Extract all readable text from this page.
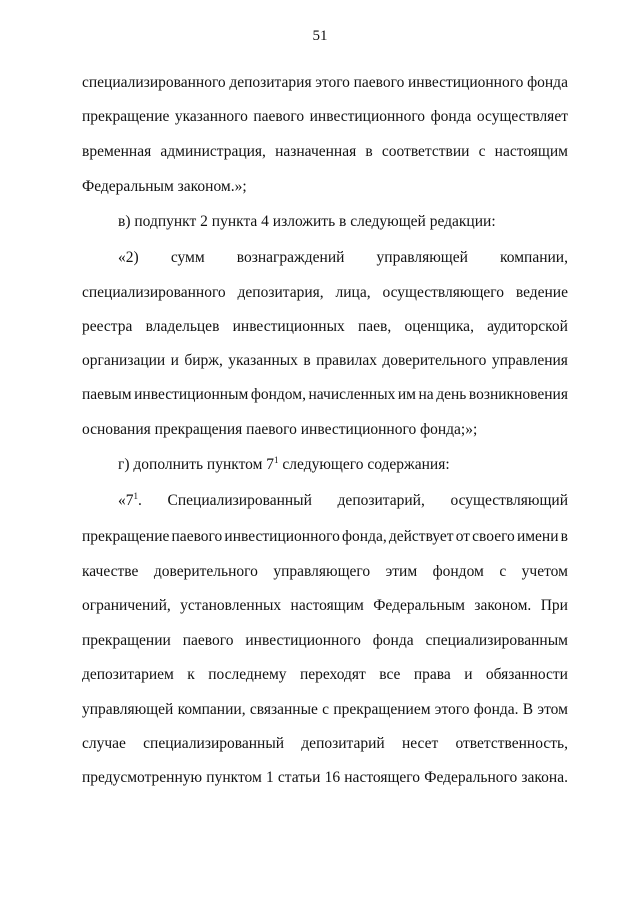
51
специализированного депозитария этого паевого инвестиционного фонда
прекращение указанного паевого инвестиционного фонда осуществляет
временная администрация, назначенная в соответствии с настоящим
Федеральным законом.»;
в) подпункт 2 пункта 4 изложить в следующей редакции:
«2) сумм вознаграждений управляющей компании,
специализированного депозитария, лица, осуществляющего ведение
реестра владельцев инвестиционных паев, оценщика, аудиторской
организации и бирж, указанных в правилах доверительного управления
паевым инвестиционным фондом, начисленных им на день возникновения
основания прекращения паевого инвестиционного фонда;»;
г) дополнить пунктом $7^1$ следующего содержания:
«$7^1$ . Специализированный депозитарий, осуществляющий
прекращение паевого инвестиционного фонда, действует от своего имени в
качестве доверительного управляющего этим фондом с учетом
ограничений, установленных настоящим Федеральным законом. При
прекращении паевого инвестиционного фонда специализированным
депозитарием к последнему переходят все права и обязанности
управляющей компании, связанные с прекращением этого фонда. В этом
случае специализированный депозитарий несет ответственность,
предусмотренную пунктом 1 статьи 16 настоящего Федерального закона.
